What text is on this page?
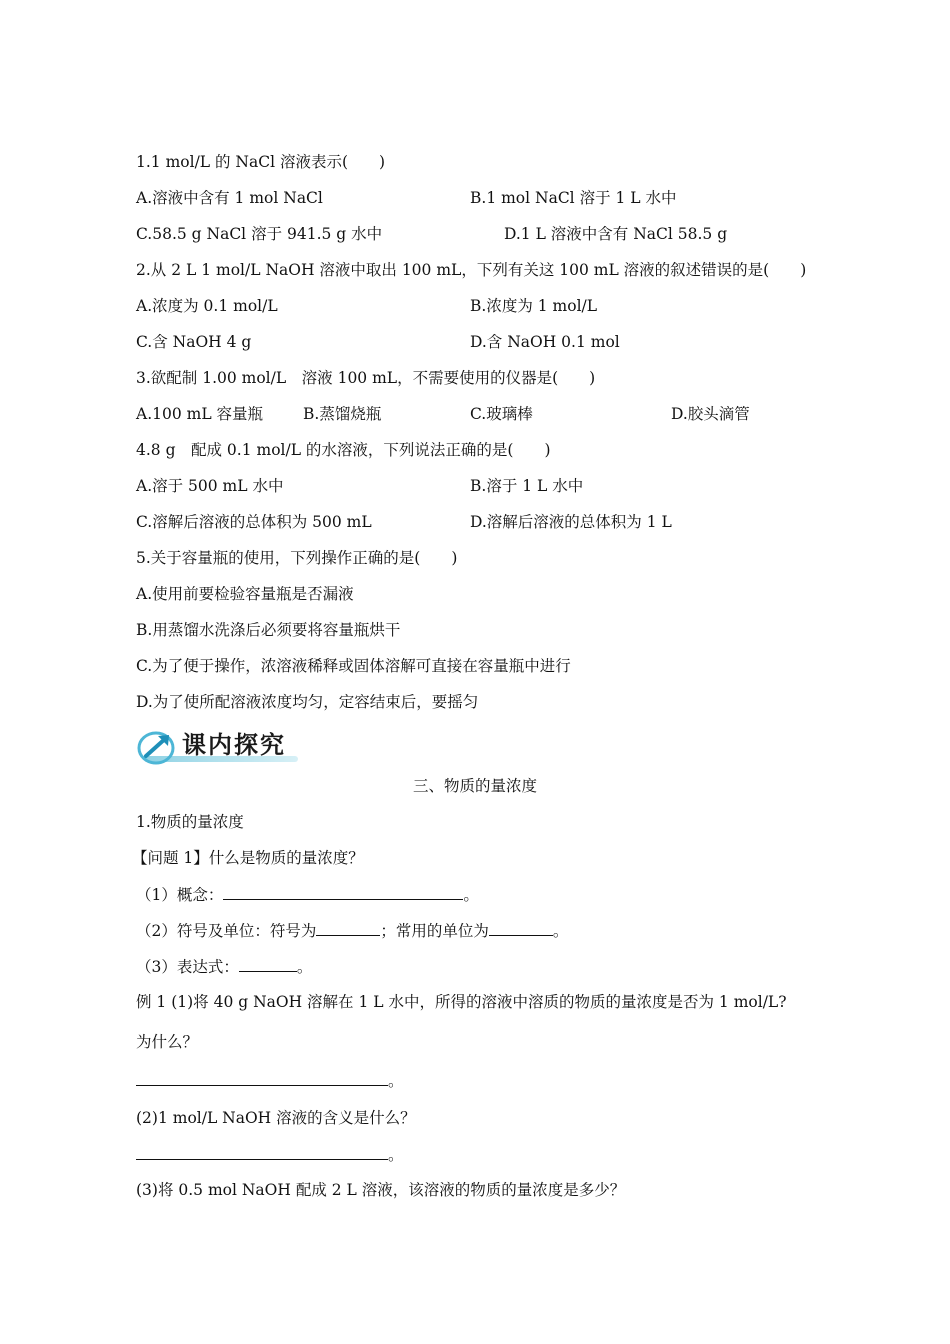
1.1 mol/L 的 NaCl 溶液表示(　　)
A.溶液中含有 1 mol NaCl	B.1 mol NaCl 溶于 1 L 水中
C.58.5 g NaCl 溶于 941.5 g 水中	D.1 L 溶液中含有 NaCl 58.5 g
2.从 2 L 1 mol/L NaOH 溶液中取出 100 mL，下列有关这 100 mL 溶液的叙述错误的是(　　)
A.浓度为 0.1 mol/L	B.浓度为 1 mol/L
C.含 NaOH 4 g	D.含 NaOH 0.1 mol
3.欲配制 1.00 mol/L　溶液 100 mL，不需要使用的仪器是(　　)
A.100 mL 容量瓶	B.蒸馏烧瓶	C.玻璃棒	D.胶头滴管
4.8 g　配成 0.1 mol/L 的水溶液，下列说法正确的是(　　)
A.溶于 500 mL 水中	B.溶于 1 L 水中
C.溶解后溶液的总体积为 500 mL	D.溶解后溶液的总体积为 1 L
5.关于容量瓶的使用，下列操作正确的是(　　)
A.使用前要检验容量瓶是否漏液
B.用蒸馏水洗涤后必须要将容量瓶烘干
C.为了便于操作，浓溶液稀释或固体溶解可直接在容量瓶中进行
D.为了使所配溶液浓度均匀，定容结束后，要摇匀
课内探究
三、物质的量浓度
1.物质的量浓度
【问题 1】什么是物质的量浓度？
（1）概念：	。
（2）符号及单位：符号为	；常用的单位为	。
（3）表达式：	。
例 1 (1)将 40 g NaOH 溶解在 1 L 水中，所得的溶液中溶质的物质的量浓度是否为 1 mol/L?
为什么？
。
(2)1 mol/L NaOH 溶液的含义是什么？
。
(3)将 0.5 mol NaOH 配成 2 L 溶液，该溶液的物质的量浓度是多少？
